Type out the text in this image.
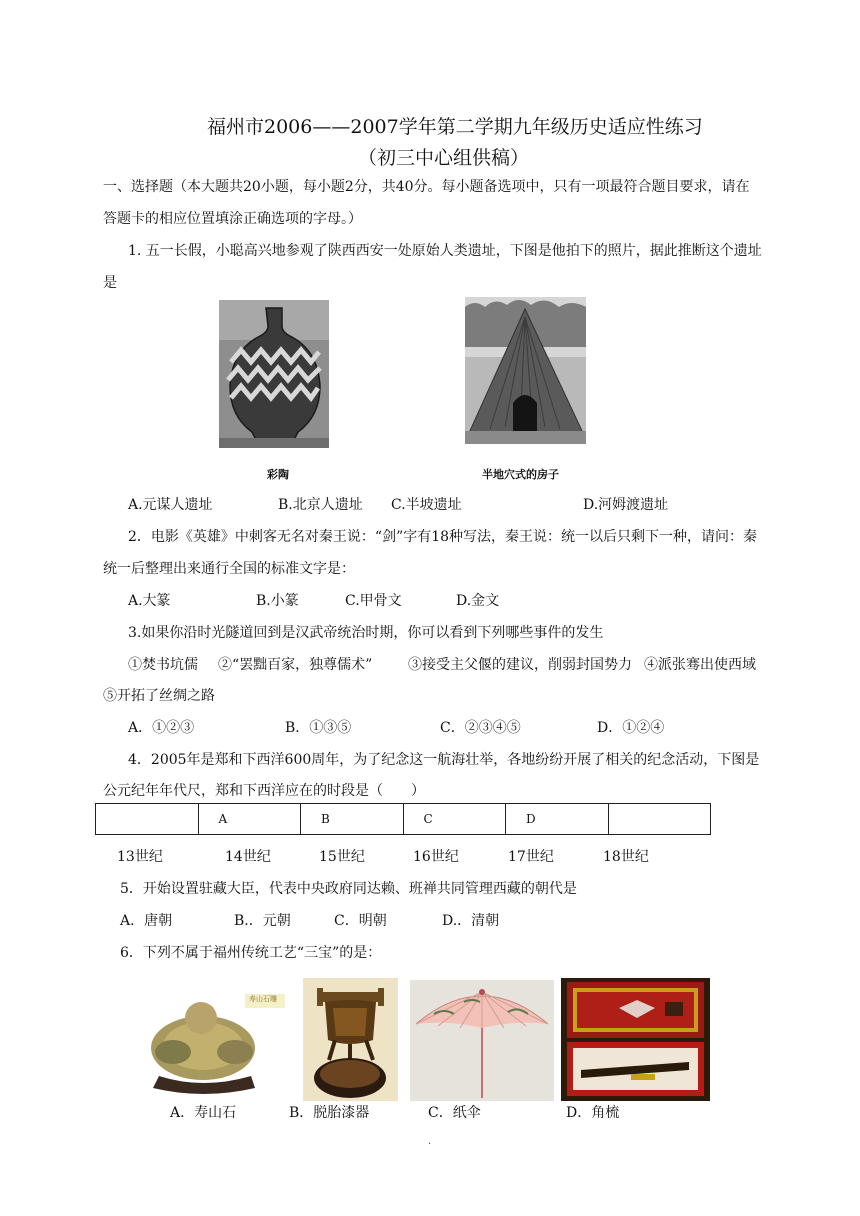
福州市2006——2007学年第二学期九年级历史适应性练习
（初三中心组供稿）
一、选择题（本大题共20小题，每小题2分，共40分。每小题备选项中，只有一项最符合题目要求，请在
答题卡的相应位置填涂正确选项的字母。）
1. 五一长假，小聪高兴地参观了陕西西安一处原始人类遗址，下图是他拍下的照片，据此推断这个遗址
是
彩陶	半地穴式的房子
A.元谋人遗址	B.北京人遗址 C.半坡遗址	D.河姆渡遗址
2．电影《英雄》中刺客无名对秦王说：“剑”字有18种写法，秦王说：统一以后只剩下一种，请问：秦
统一后整理出来通行全国的标准文字是：
A.大篆	B.小篆	C.甲骨文	D.金文
3.如果你沿时光隧道回到是汉武帝统治时期，你可以看到下列哪些事件的发生
①焚书坑儒 ②“罢黜百家，独尊儒术”	③接受主父偃的建议，削弱封国势力 ④派张骞出使西域
⑤开拓了丝绸之路
A．①②③	B．①③⑤	C．②③④⑤	D．①②④
4．2005年是郑和下西洋600周年，为了纪念这一航海壮举，各地纷纷开展了相关的纪念活动，下图是
公元纪年年代尺，郑和下西洋应在的时段是（　　）
	A	B	C	D	
13世纪	14世纪	15世纪	16世纪	17世纪	18世纪
5．开始设置驻藏大臣，代表中央政府同达赖、班禅共同管理西藏的朝代是
A．唐朝	B.．元朝	C．明朝	D.．清朝
6．下列不属于福州传统工艺“三宝”的是：
寿山石雕
A．寿山石	B．脱胎漆器	C．纸伞	D．角梳
.
